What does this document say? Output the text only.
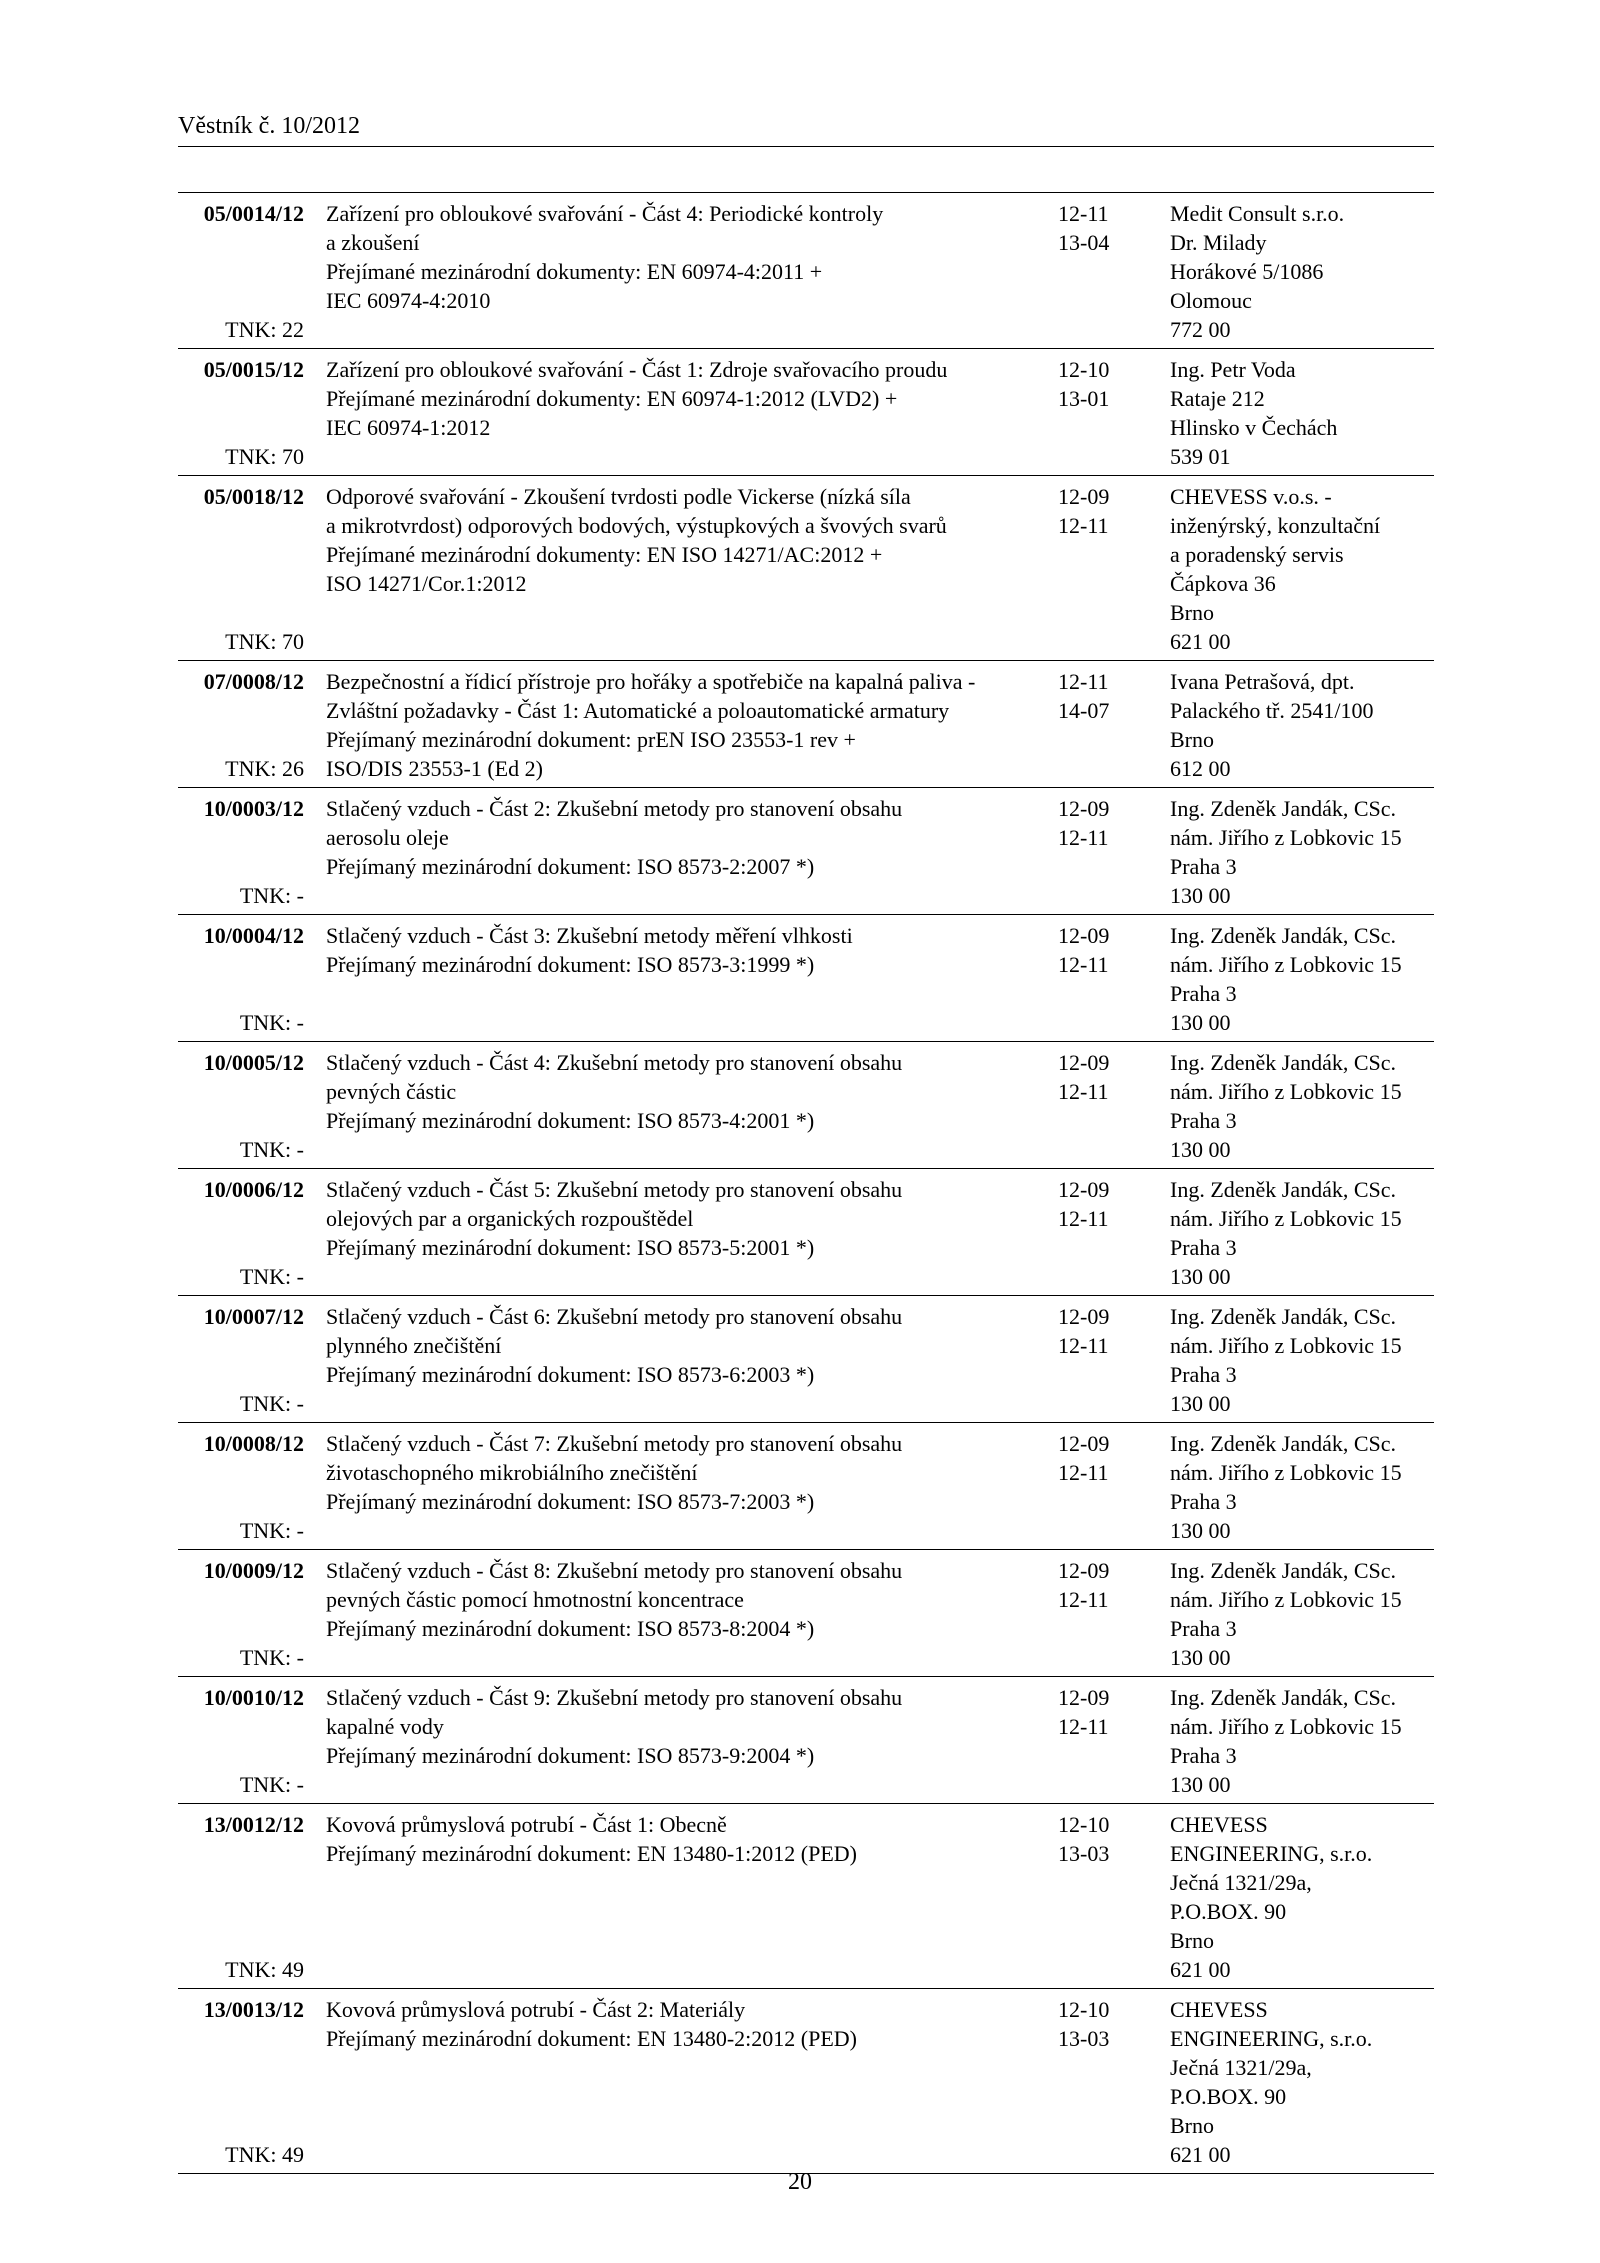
Věstník č. 10/2012
05/0014/12
TNK: 22
Zařízení pro obloukové svařování - Část 4: Periodické kontroly
a zkoušení
Přejímané mezinárodní dokumenty: EN 60974-4:2011 +
IEC 60974-4:2010
12-11
13-04
Medit Consult s.r.o.
Dr. Milady
Horákové 5/1086
Olomouc
772 00
05/0015/12
TNK: 70
Zařízení pro obloukové svařování - Část 1: Zdroje svařovacího proudu
Přejímané mezinárodní dokumenty: EN 60974-1:2012 (LVD2) +
IEC 60974-1:2012
12-10
13-01
Ing. Petr Voda
Rataje 212
Hlinsko v Čechách
539 01
05/0018/12
TNK: 70
Odporové svařování - Zkoušení tvrdosti podle Vickerse (nízká síla
a mikrotvrdost) odporových bodových, výstupkových a švových svarů
Přejímané mezinárodní dokumenty: EN ISO 14271/AC:2012 +
ISO 14271/Cor.1:2012
12-09
12-11
CHEVESS v.o.s. -
inženýrský, konzultační
a poradenský servis
Čápkova 36
Brno
621 00
07/0008/12
TNK: 26
Bezpečnostní a řídicí přístroje pro hořáky a spotřebiče na kapalná paliva -
Zvláštní požadavky - Část 1: Automatické a poloautomatické armatury
Přejímaný mezinárodní dokument: prEN ISO 23553-1 rev +
ISO/DIS 23553-1 (Ed 2)
12-11
14-07
Ivana Petrašová, dpt.
Palackého tř. 2541/100
Brno
612 00
10/0003/12
TNK: -
Stlačený vzduch - Část 2: Zkušební metody pro stanovení obsahu
aerosolu oleje
Přejímaný mezinárodní dokument: ISO 8573-2:2007 *)
12-09
12-11
Ing. Zdeněk Jandák, CSc.
nám. Jiřího z Lobkovic 15
Praha 3
130 00
10/0004/12
TNK: -
Stlačený vzduch - Část 3: Zkušební metody měření vlhkosti
Přejímaný mezinárodní dokument: ISO 8573-3:1999 *)
12-09
12-11
Ing. Zdeněk Jandák, CSc.
nám. Jiřího z Lobkovic 15
Praha 3
130 00
10/0005/12
TNK: -
Stlačený vzduch - Část 4: Zkušební metody pro stanovení obsahu
pevných částic
Přejímaný mezinárodní dokument: ISO 8573-4:2001 *)
12-09
12-11
Ing. Zdeněk Jandák, CSc.
nám. Jiřího z Lobkovic 15
Praha 3
130 00
10/0006/12
TNK: -
Stlačený vzduch - Část 5: Zkušební metody pro stanovení obsahu
olejových par a organických rozpouštědel
Přejímaný mezinárodní dokument: ISO 8573-5:2001 *)
12-09
12-11
Ing. Zdeněk Jandák, CSc.
nám. Jiřího z Lobkovic 15
Praha 3
130 00
10/0007/12
TNK: -
Stlačený vzduch - Část 6: Zkušební metody pro stanovení obsahu
plynného znečištění
Přejímaný mezinárodní dokument: ISO 8573-6:2003 *)
12-09
12-11
Ing. Zdeněk Jandák, CSc.
nám. Jiřího z Lobkovic 15
Praha 3
130 00
10/0008/12
TNK: -
Stlačený vzduch - Část 7: Zkušební metody pro stanovení obsahu
životaschopného mikrobiálního znečištění
Přejímaný mezinárodní dokument: ISO 8573-7:2003 *)
12-09
12-11
Ing. Zdeněk Jandák, CSc.
nám. Jiřího z Lobkovic 15
Praha 3
130 00
10/0009/12
TNK: -
Stlačený vzduch - Část 8: Zkušební metody pro stanovení obsahu
pevných částic pomocí hmotnostní koncentrace
Přejímaný mezinárodní dokument: ISO 8573-8:2004 *)
12-09
12-11
Ing. Zdeněk Jandák, CSc.
nám. Jiřího z Lobkovic 15
Praha 3
130 00
10/0010/12
TNK: -
Stlačený vzduch - Část 9: Zkušební metody pro stanovení obsahu
kapalné vody
Přejímaný mezinárodní dokument: ISO 8573-9:2004 *)
12-09
12-11
Ing. Zdeněk Jandák, CSc.
nám. Jiřího z Lobkovic 15
Praha 3
130 00
13/0012/12
TNK: 49
Kovová průmyslová potrubí - Část 1: Obecně
Přejímaný mezinárodní dokument: EN 13480-1:2012 (PED)
12-10
13-03
CHEVESS
ENGINEERING, s.r.o.
Ječná 1321/29a,
P.O.BOX. 90
Brno
621 00
13/0013/12
TNK: 49
Kovová průmyslová potrubí - Část 2: Materiály
Přejímaný mezinárodní dokument: EN 13480-2:2012 (PED)
12-10
13-03
CHEVESS
ENGINEERING, s.r.o.
Ječná 1321/29a,
P.O.BOX. 90
Brno
621 00
20
